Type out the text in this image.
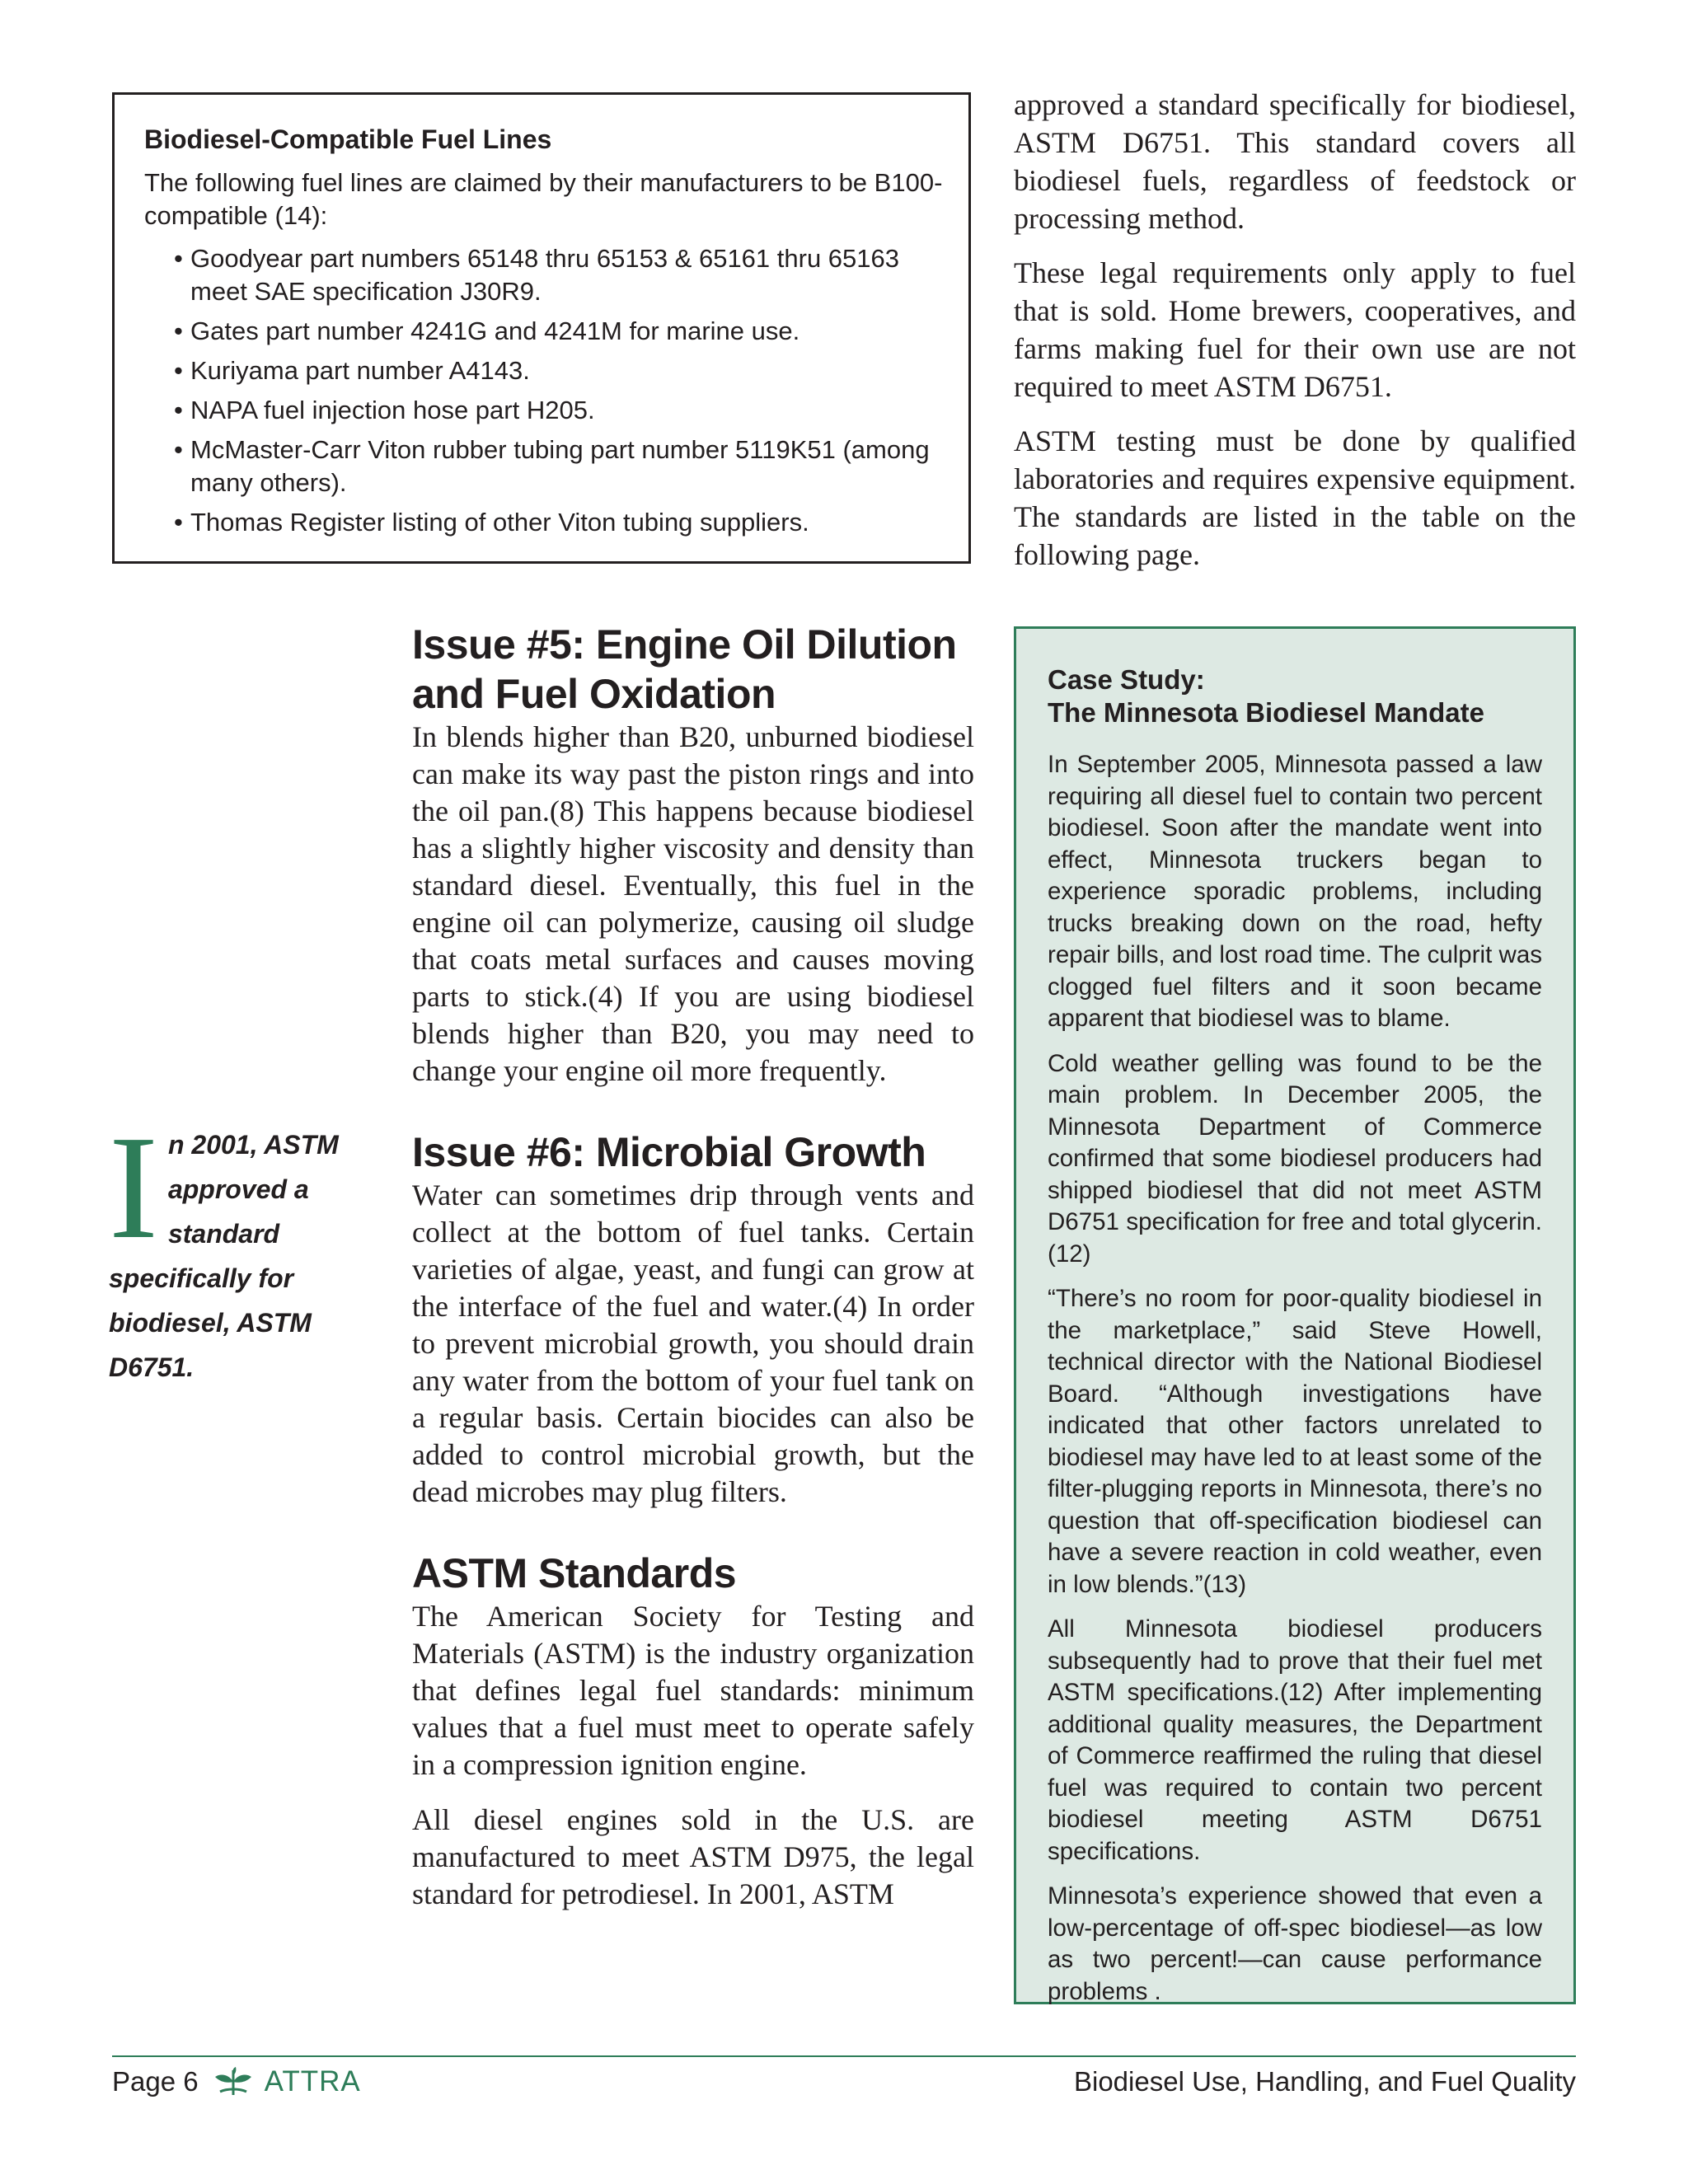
Biodiesel-Compatible Fuel Lines

The following fuel lines are claimed by their manufacturers to be B100-compatible (14):

• Goodyear part numbers 65148 thru 65153 & 65161 thru 65163 meet SAE specification J30R9.
• Gates part number 4241G and 4241M for marine use.
• Kuriyama part number A4143.
• NAPA fuel injection hose part H205.
• McMaster-Carr Viton rubber tubing part number 5119K51 (among many others).
• Thomas Register listing of other Viton tubing suppliers.

approved a standard specifically for biodiesel, ASTM D6751. This standard covers all biodiesel fuels, regardless of feedstock or processing method.

These legal requirements only apply to fuel that is sold. Home brewers, cooperatives, and farms making fuel for their own use are not required to meet ASTM D6751.

ASTM testing must be done by qualified laboratories and requires expensive equipment. The standards are listed in the table on the following page.

In 2001, ASTM approved a standard specifically for biodiesel, ASTM D6751.
Issue #5: Engine Oil Dilution and Fuel Oxidation

In blends higher than B20, unburned biodiesel can make its way past the piston rings and into the oil pan.(8) This happens because biodiesel has a slightly higher viscosity and density than standard diesel. Eventually, this fuel in the engine oil can polymerize, causing oil sludge that coats metal surfaces and causes moving parts to stick.(4) If you are using biodiesel blends higher than B20, you may need to change your engine oil more frequently.

Issue #6: Microbial Growth

Water can sometimes drip through vents and collect at the bottom of fuel tanks. Certain varieties of algae, yeast, and fungi can grow at the interface of the fuel and water.(4) In order to prevent microbial growth, you should drain any water from the bottom of your fuel tank on a regular basis. Certain biocides can also be added to control microbial growth, but the dead microbes may plug filters.

ASTM Standards

The American Society for Testing and Materials (ASTM) is the industry organization that defines legal fuel standards: minimum values that a fuel must meet to operate safely in a compression ignition engine.

All diesel engines sold in the U.S. are manufactured to meet ASTM D975, the legal standard for petrodiesel. In 2001, ASTM

Case Study:
The Minnesota Biodiesel Mandate

In September 2005, Minnesota passed a law requiring all diesel fuel to contain two percent biodiesel. Soon after the mandate went into effect, Minnesota truckers began to experience sporadic problems, including trucks breaking down on the road, hefty repair bills, and lost road time. The culprit was clogged fuel filters and it soon became apparent that biodiesel was to blame.

Cold weather gelling was found to be the main problem. In December 2005, the Minnesota Department of Commerce confirmed that some biodiesel producers had shipped biodiesel that did not meet ASTM D6751 specification for free and total glycerin.(12)

“There’s no room for poor-quality biodiesel in the marketplace,” said Steve Howell, technical director with the National Biodiesel Board. “Although investigations have indicated that other factors unrelated to biodiesel may have led to at least some of the filter-plugging reports in Minnesota, there’s no question that off-specification biodiesel can have a severe reaction in cold weather, even in low blends.”(13)

All Minnesota biodiesel producers subsequently had to prove that their fuel met ASTM specifications.(12) After implementing additional quality measures, the Department of Commerce reaffirmed the ruling that diesel fuel was required to contain two percent biodiesel meeting ASTM D6751 specifications.

Minnesota’s experience showed that even a low-percentage of off-spec biodiesel—as low as two percent!—can cause performance problems .

Page 6 ATTRA	Biodiesel Use, Handling, and Fuel Quality
